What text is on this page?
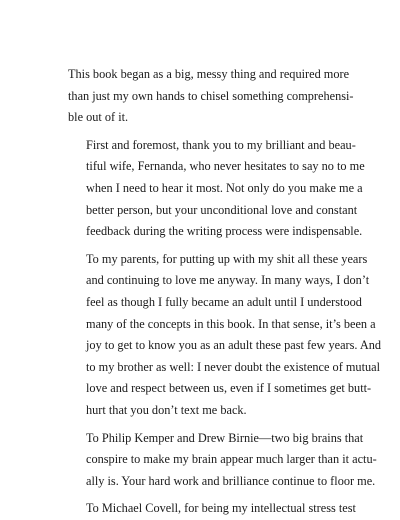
This book began as a big, messy thing and required more
than just my own hands to chisel something comprehensi-
ble out of it.
First and foremost, thank you to my brilliant and beau-
tiful wife, Fernanda, who never hesitates to say no to me
when I need to hear it most. Not only do you make me a
better person, but your unconditional love and constant
feedback during the writing process were indispensable.
To my parents, for putting up with my shit all these years
and continuing to love me anyway. In many ways, I don’t
feel as though I fully became an adult until I understood
many of the concepts in this book. In that sense, it’s been a
joy to get to know you as an adult these past few years. And
to my brother as well: I never doubt the existence of mutual
love and respect between us, even if I sometimes get butt-
hurt that you don’t text me back.
To Philip Kemper and Drew Birnie—two big brains that
conspire to make my brain appear much larger than it actu-
ally is. Your hard work and brilliance continue to floor me.
To Michael Covell, for being my intellectual stress test
